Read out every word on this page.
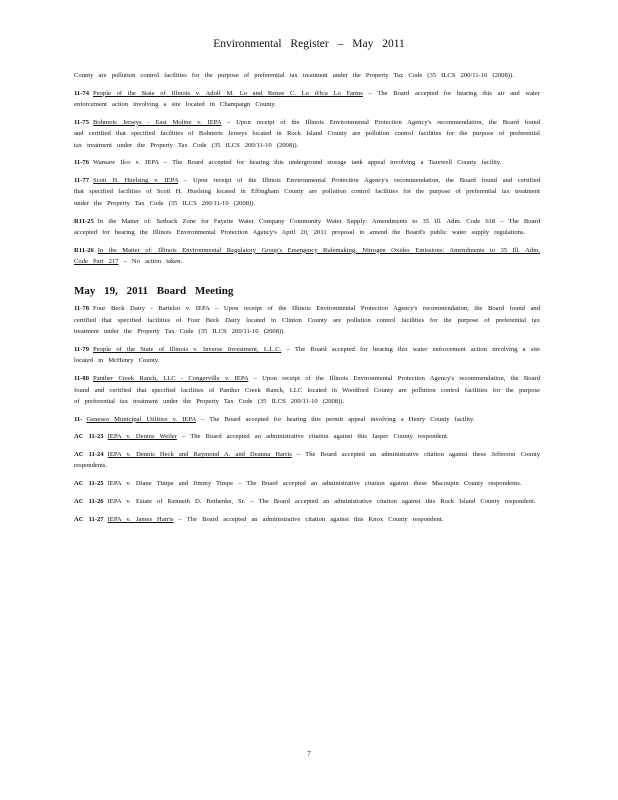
Environmental Register – May 2011

County are pollution control facilities for the purpose of preferential tax treatment under the Property Tax Code (35 ILCS 200/11-10 (2008)).

11-74 People of the State of Illinois v. Adolf M. Lo and Renee C. Lo d/b/a Lo Farms – The Board accepted for hearing this air and water enforcement action involving a site located in Champaign County.

11-75 Bohnerts Jerseys - East Moline v. IEPA – Upon receipt of the Illinois Environmental Protection Agency's recommendation, the Board found and certified that specified facilities of Bohnerts Jerseys located in Rock Island County are pollution control facilities for the purpose of preferential tax treatment under the Property Tax Code (35 ILCS 200/11-10 (2008)).

11-76 Wansaw Ilco v. IEPA – The Board accepted for hearing this underground storage tank appeal involving a Tazewell County facility.

11-77 Scott H. Huelsing v. IEPA – Upon receipt of the Illinois Environmental Protection Agency's recommendation, the Board found and certified that specified facilities of Scott H. Huelsing located in Effingham County are pollution control facilities for the purpose of preferential tax treatment under the Property Tax Code (35 ILCS 200/11-10 (2008)).

R11-25 In the Matter of: Setback Zone for Fayette Water Company Community Water Supply: Amendments to 35 Ill. Adm. Code 618 – The Board accepted for hearing the Illinois Environmental Protection Agency's April 20, 2011 proposal to amend the Board's public water supply regulations.

R11-26 In the Matter of: Illinois Environmental Regulatory Group's Emergency Rulemaking, Nitrogen Oxides Emissions: Amendments to 35 Ill. Adm. Code Part 217 – No action taken.

May 19, 2011 Board Meeting

11-78 Four Beck Dairy - Bartelso v. IEPA – Upon receipt of the Illinois Environmental Protection Agency's recommendation, the Board found and certified that specified facilities of Four Beck Dairy located in Clinton County are pollution control facilities for the purpose of preferential tax treatment under the Property Tax Code (35 ILCS 200/11-10 (2008)).

11-79 People of the State of Illinois v. Inverse Investment, L.L.C. – The Board accepted for hearing this water enforcement action involving a site located in McHenry County.

11-80 Panther Creek Ranch, LLC - Congerville v. IEPA – Upon receipt of the Illinois Environmental Protection Agency's recommendation, the Board found and certified that specified facilities of Panther Creek Ranch, LLC located in Woodford County are pollution control facilities for the purpose of preferential tax treatment under the Property Tax Code (35 ILCS 200/11-10 (2008)).

11- Geneseo Municipal Utilities v. IEPA – The Board accepted for hearing this permit appeal involving a Henry County facility.

AC 11-23 IEPA v. Dennis Weiler – The Board accepted an administrative citation against this Jasper County respondent.

AC 11-24 IEPA v. Dennis Heck and Raymond A. and Deanna Harris – The Board accepted an administrative citation against these Jefferson County respondents.

AC 11-25 IEPA v. Diane Timpe and Jimmy Timpe – The Board accepted an administrative citation against these Macoupin County respondents.

AC 11-26 IEPA v. Estate of Kenneth D. Bethenke, Sr. – The Board accepted an administrative citation against this Rock Island County respondent.

AC 11-27 IEPA v. James Harris – The Board accepted an administrative citation against this Knox County respondent.

7
